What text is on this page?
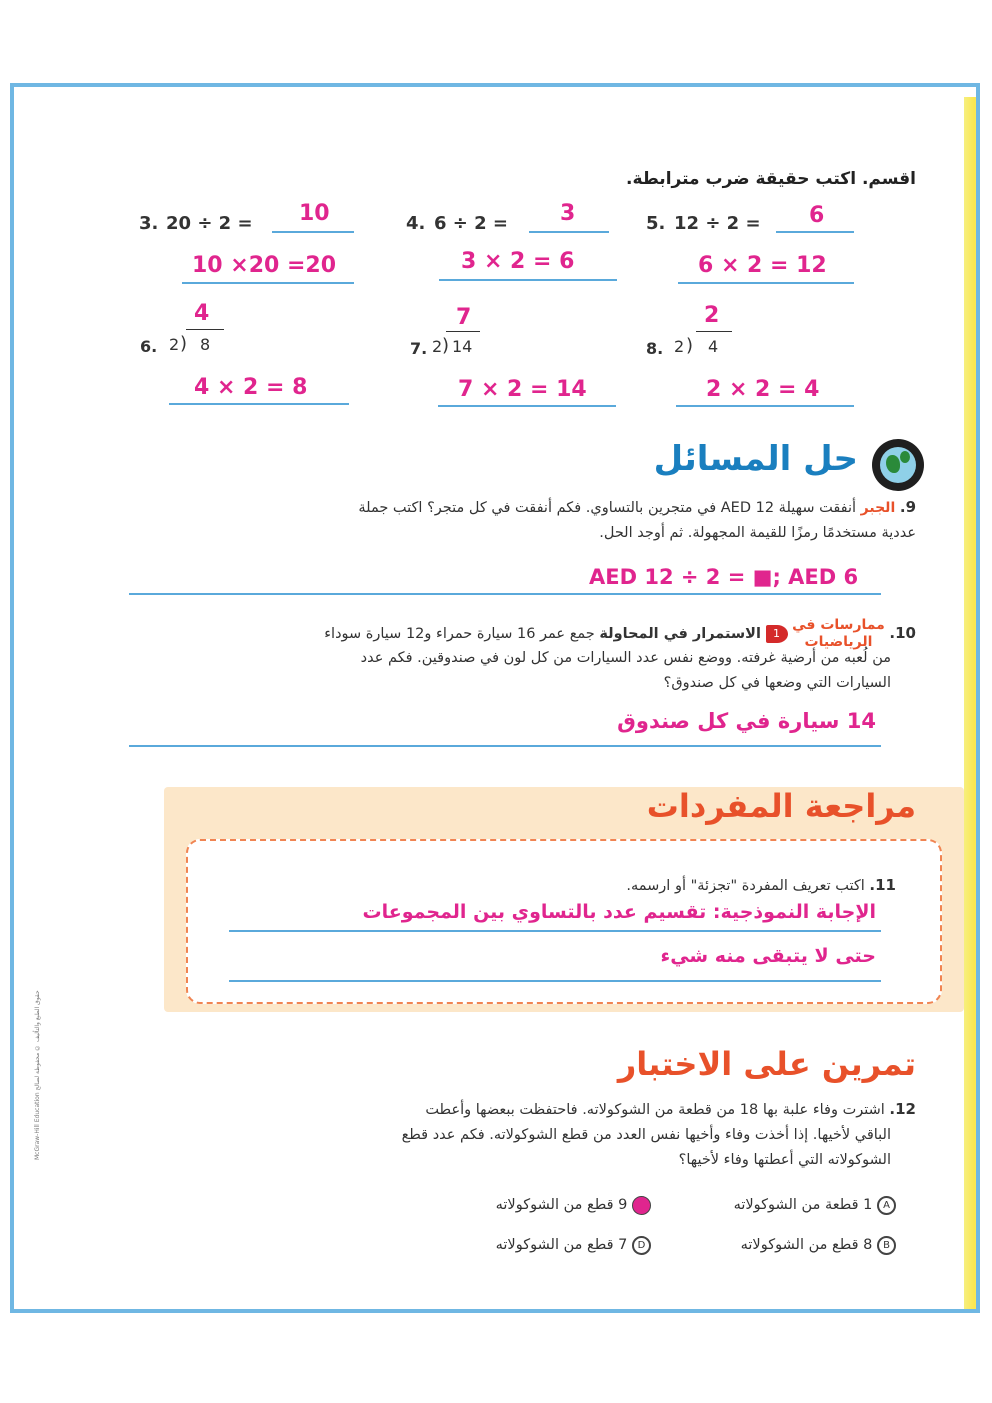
اقسم. اكتب حقيقة ضرب مترابطة.
3. 20 ÷ 2 = 10
10 ×20 =20
4. 6 ÷ 2 = 3
3 × 2 = 6
5. 12 ÷ 2 = 6
6 × 2 = 12
4
6. 2 ) 8
4 × 2 = 8
7
7. 2 ) 14
7 × 2 = 14
2
8. 2 ) 4
2 × 2 = 4
حل المسائل
9. الجبر أنفقت سهيلة AED 12 في متجرين بالتساوي. فكم أنفقت في كل متجر؟ اكتب جملة
عددية مستخدمًا رمزًا للقيمة المجهولة. ثم أوجد الحل.
AED 12 ÷ 2 = ■; AED 6
10. ممارسات في
الرياضيات 1 الاستمرار في المحاولة جمع عمر 16 سيارة حمراء و12 سيارة سوداء
من لُعبه من أرضية غرفته. ووضع نفس عدد السيارات من كل لون في صندوقين. فكم عدد
السيارات التي وضعها في كل صندوق؟
14 سيارة في كل صندوق
مراجعة المفردات
11. اكتب تعريف المفردة "تجزئة" أو ارسمه.
الإجابة النموذجية: تقسيم عدد بالتساوي بين المجموعات
حتى لا يتبقى منه شيء
تمرين على الاختبار
12. اشترت وفاء علبة بها 18 من قطعة من الشوكولاته. فاحتفظت ببعضها وأعطت
الباقي لأخيها. إذا أخذت وفاء وأخيها نفس العدد من قطع الشوكولاته. فكم عدد قطع
الشوكولاته التي أعطتها وفاء لأخيها؟
A 1 قطعة من الشوكولاته
9 قطع من الشوكولاته
B 8 قطع من الشوكولاته
D 7 قطع من الشوكولاته
McGraw-Hill Education حقوق الطبع والتأليف © محفوظة لصالح
